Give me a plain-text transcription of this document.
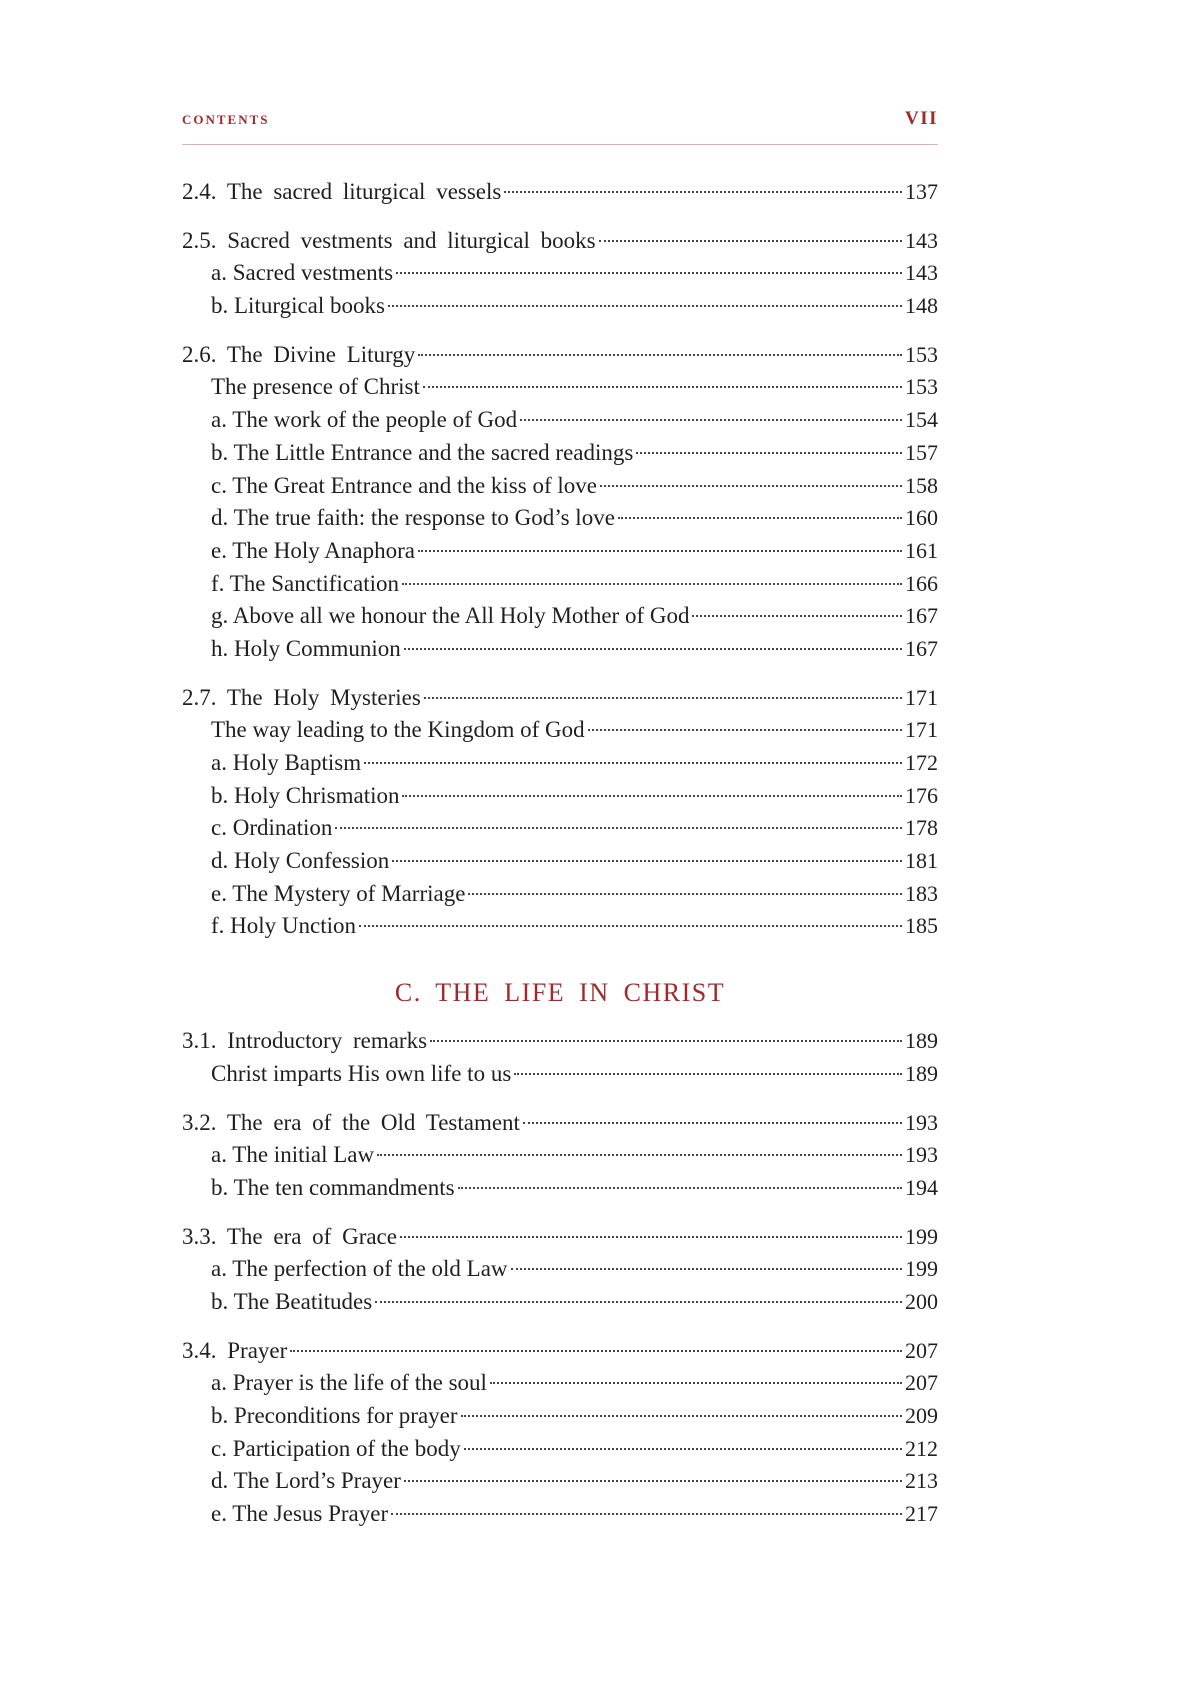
contents	VII
2.4. The sacred liturgical vessels	137
2.5. Sacred vestments and liturgical books	143
a. Sacred vestments	143
b. Liturgical books	148
2.6. The Divine Liturgy	153
The presence of Christ	153
a. The work of the people of God	154
b. The Little Entrance and the sacred readings	157
c. The Great Entrance and the kiss of love	158
d. The true faith: the response to God’s love	160
e. The Holy Anaphora	161
f. The Sanctification	166
g. Above all we honour the All Holy Mother of God	167
h. Holy Communion	167
2.7. The Holy Mysteries	171
The way leading to the Kingdom of God	171
a. Holy Baptism	172
b. Holy Chrismation	176
c. Ordination	178
d. Holy Confession	181
e. The Mystery of Marriage	183
f. Holy Unction	185
C. THE LIFE IN CHRIST
3.1. Introductory remarks	189
Christ imparts His own life to us	189
3.2. The era of the Old Testament	193
a. The initial Law	193
b. The ten commandments	194
3.3. The era of Grace	199
a. The perfection of the old Law	199
b. The Beatitudes	200
3.4. Prayer	207
a. Prayer is the life of the soul	207
b. Preconditions for prayer	209
c. Participation of the body	212
d. The Lord’s Prayer	213
e. The Jesus Prayer	217
